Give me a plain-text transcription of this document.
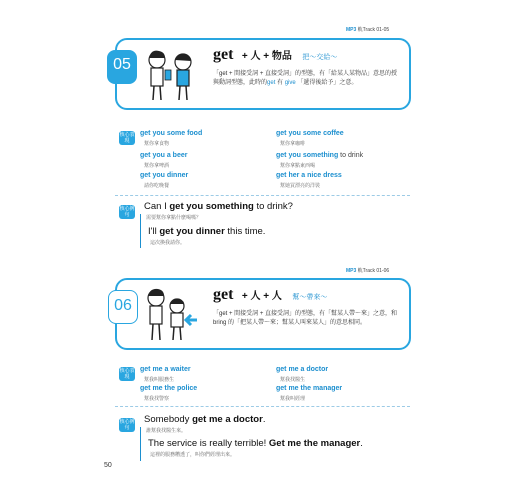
MP3 軌Track 01-05
05
get + 人 + 物品 把～交給～
「get + 間接受詞 + 直接受詞」的型態，有「給某人某物品」意思的授與動詞型態，此時的get 有 give 「遞得後給予」之意。
核心表現
get you some food
幫你拿食物
get you some coffee
幫你拿咖啡
get you a beer
幫你拿啤酒
get you something to drink
幫你拿點東西喝
get you dinner
請你吃晚餐
get her a nice dress
幫她買漂亮的洋裝
核心例句
Can I get you something to drink?
需要幫你拿點什麼喝嗎？
I'll get you dinner this time.
這次換我請你。
MP3 軌Track 01-06
06
get + 人 + 人 幫～帶來～
「get + 間接受詞 + 直接受詞」的型態，有「幫某人帶～來」之意，和 bring 的「把某人帶～來；幫某人叫來某人」的意思相同。
核心表現
get me a waiter
幫我叫服務生
get me a doctor
幫我找醫生
get me the police
幫我找警察
get me the manager
幫我叫經理
核心例句
Somebody get me a doctor.
誰幫我找醫生來。
The service is really terrible! Get me the manager.
這裡的服務糟透了，叫你們經理出來。
50
